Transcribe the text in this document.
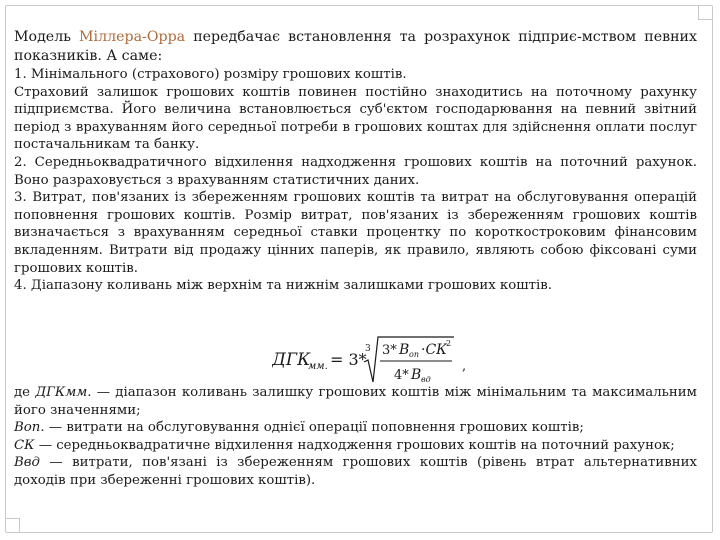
Модель Міллера-Орра передбачає встановлення та розрахунок підприє-мством певних показників. А саме:

1. Мінімального (страхового) розміру грошових коштів.

Страховий залишок грошових коштів повинен постійно знаходитись на поточному рахунку підприємства. Його величина встановлюється суб'єктом господарювання на певний звітний період з врахуванням його середньої потреби в грошових коштах для здійснення оплати послуг постачальникам та банку.

2. Середньоквадратичного відхилення надходження грошових коштів на поточний рахунок. Воно разраховується з врахуванням статистичних даних.

3. Витрат, пов'язаних із збереженням грошових коштів та витрат на обслуговування операцій поповнення грошових коштів. Розмір витрат, пов'язаних із збереженням грошових коштів визначається з врахуванням середньої ставки процентку по короткостроковим фінансовим вкладенням. Витрати від продажу цінних паперів, як правило, являють собою фіксовані суми грошових коштів.

4. Діапазону коливань між верхнім та нижнім залишками грошових коштів.

ДГК
мм. = 3*
3 3* В оп ·СК 2
4* В вд
,

де ДГКмм. — діапазон коливань залишку грошових коштів між мінімальним та максимальним його значеннями;

Воп. — витрати на обслуговування однієї операції поповнення грошових коштів;

СК — середньоквадратичне відхилення надходження грошових коштів на поточний рахунок;

Ввд — витрати, пов'язані із збереженням грошових коштів (рівень втрат альтернативних доходів при збереженні грошових коштів).
